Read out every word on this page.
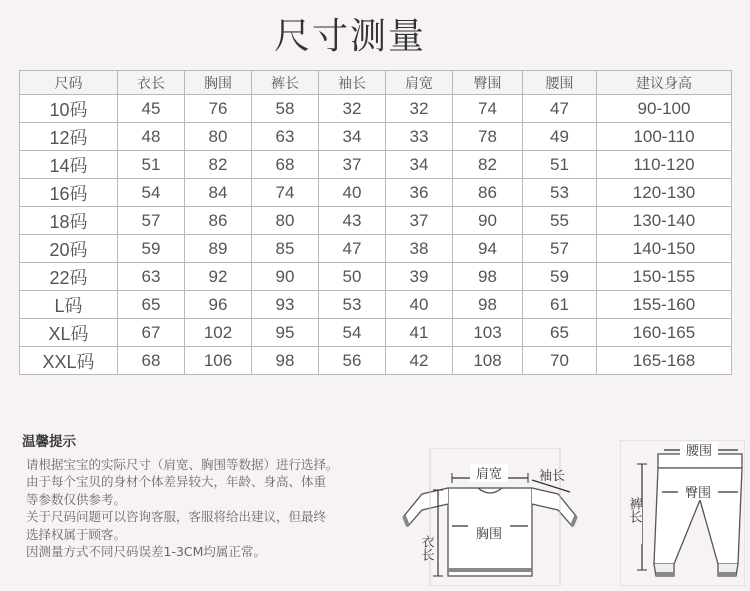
尺寸测量
尺码	衣长	胸围	裤长	袖长	肩宽	臀围	腰围	建议身高
10码	45	76	58	32	32	74	47	90-100
12码	48	80	63	34	33	78	49	100-110
14码	51	82	68	37	34	82	51	110-120
16码	54	84	74	40	36	86	53	120-130
18码	57	86	80	43	37	90	55	130-140
20码	59	89	85	47	38	94	57	140-150
22码	63	92	90	50	39	98	59	150-155
L码	65	96	93	53	40	98	61	155-160
XL码	67	102	95	54	41	103	65	160-165
XXL码	68	106	98	56	42	108	70	165-168
温馨提示
请根据宝宝的实际尺寸（肩宽、胸围等数据）进行选择。
由于每个宝贝的身材个体差异较大，年龄、身高、体重
等参数仅供参考。
关于尺码问题可以咨询客服，客服将给出建议，但最终
选择权属于顾客。
因测量方式不同尺码误差1-3CM均属正常。
肩宽	袖长
胸围
衣长
腰围
臀围
裤长
